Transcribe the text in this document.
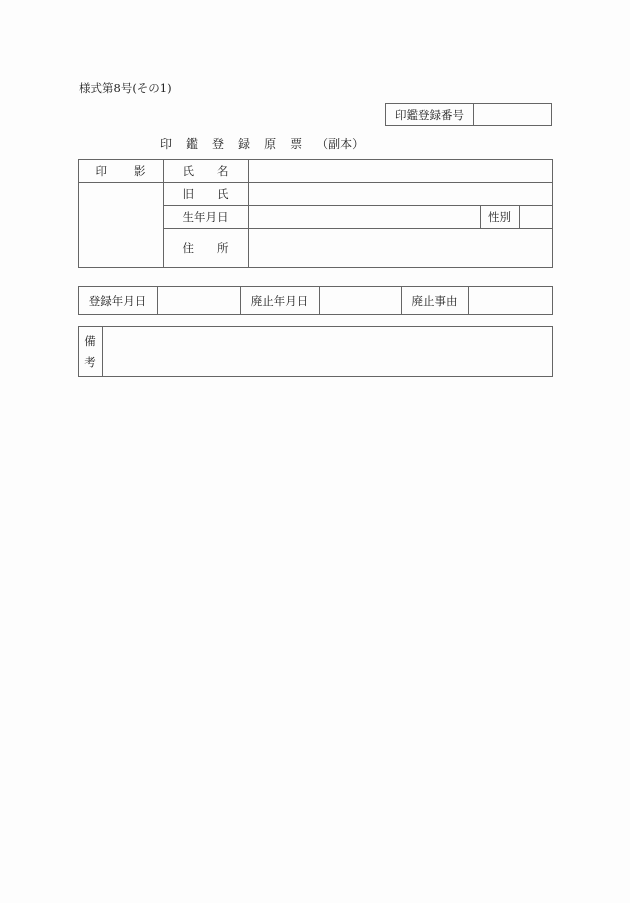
様式第8号(その1)
印鑑登録番号
印 鑑 登 録 原 票 （副本）
印 影	氏 名
旧 氏
生年月日	性別
住 所
登録年月日	廃止年月日	廃止事由
備
考
